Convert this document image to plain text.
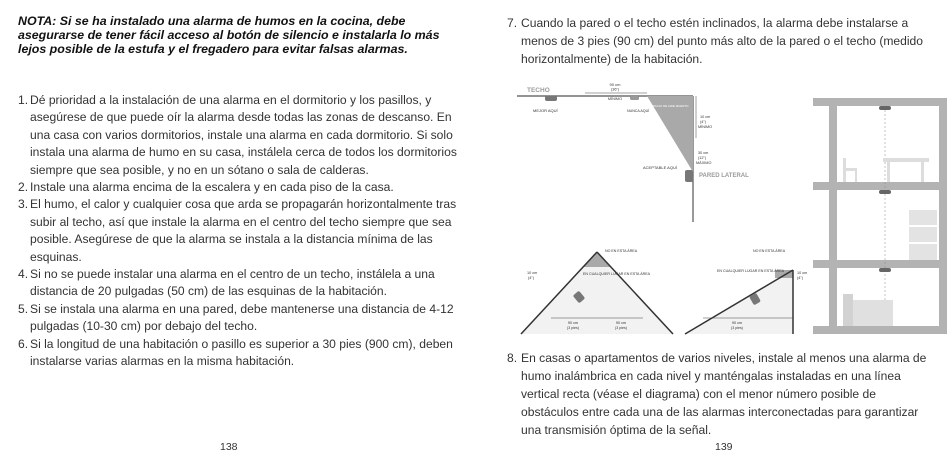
NOTA: Si se ha instalado una alarma de humos en la cocina, debe asegurarse de tener fácil acceso al botón de silencio e instalarla lo más lejos posible de la estufa y el fregadero para evitar falsas alarmas.
1. Dé prioridad a la instalación de una alarma en el dormitorio y los pasillos, y asegúrese de que puede oír la alarma desde todas las zonas de descanso. En una casa con varios dormitorios, instale una alarma en cada dormitorio. Si solo instala una alarma de humo en su casa, instálela cerca de todos los dormitorios siempre que sea posible, y no en un sótano o sala de calderas.
2. Instale una alarma encima de la escalera y en cada piso de la casa.
3. El humo, el calor y cualquier cosa que arda se propagarán horizontalmente tras subir al techo, así que instale la alarma en el centro del techo siempre que sea posible. Asegúrese de que la alarma se instala a la distancia mínima de las esquinas.
4. Si no se puede instalar una alarma en el centro de un techo, instálela a una distancia de 20 pulgadas (50 cm) de las esquinas de la habitación.
5. Si se instala una alarma en una pared, debe mantenerse una distancia de 4-12 pulgadas (10-30 cm) por debajo del techo.
6. Si la longitud de una habitación o pasillo es superior a 30 pies (900 cm), deben instalarse varias alarmas en la misma habitación.
138
7. Cuando la pared o el techo estén inclinados, la alarma debe instalarse a menos de 3 pies (90 cm) del punto más alto de la pared o el techo (medido horizontalmente) de la habitación.
TECHO
90 cm
(36")
MÍNIMO
ESPACIO DE AIRE MUERTO
MEJOR AQUÍ	NUNCA AQUÍ
10 cm
(4")
MÍNIMO
30 cm
(12")
MÁXIMO
ACEPTABLE AQUÍ
PARED LATERAL
NO EN ESTA ÁREA
EN CUALQUIER LUGAR EN ESTA ÁREA
10 cm
(4")
90 cm
(3 pies)
90 cm
(3 pies)
NO EN ESTA ÁREA
EN CUALQUIER LUGAR EN ESTA ÁREA	10 cm
(4")
90 cm
(3 pies)
8. En casas o apartamentos de varios niveles, instale al menos una alarma de humo inalámbrica en cada nivel y manténgalas instaladas en una línea vertical recta (véase el diagrama) con el menor número posible de obstáculos entre cada una de las alarmas interconectadas para garantizar una transmisión óptima de la señal.
139
